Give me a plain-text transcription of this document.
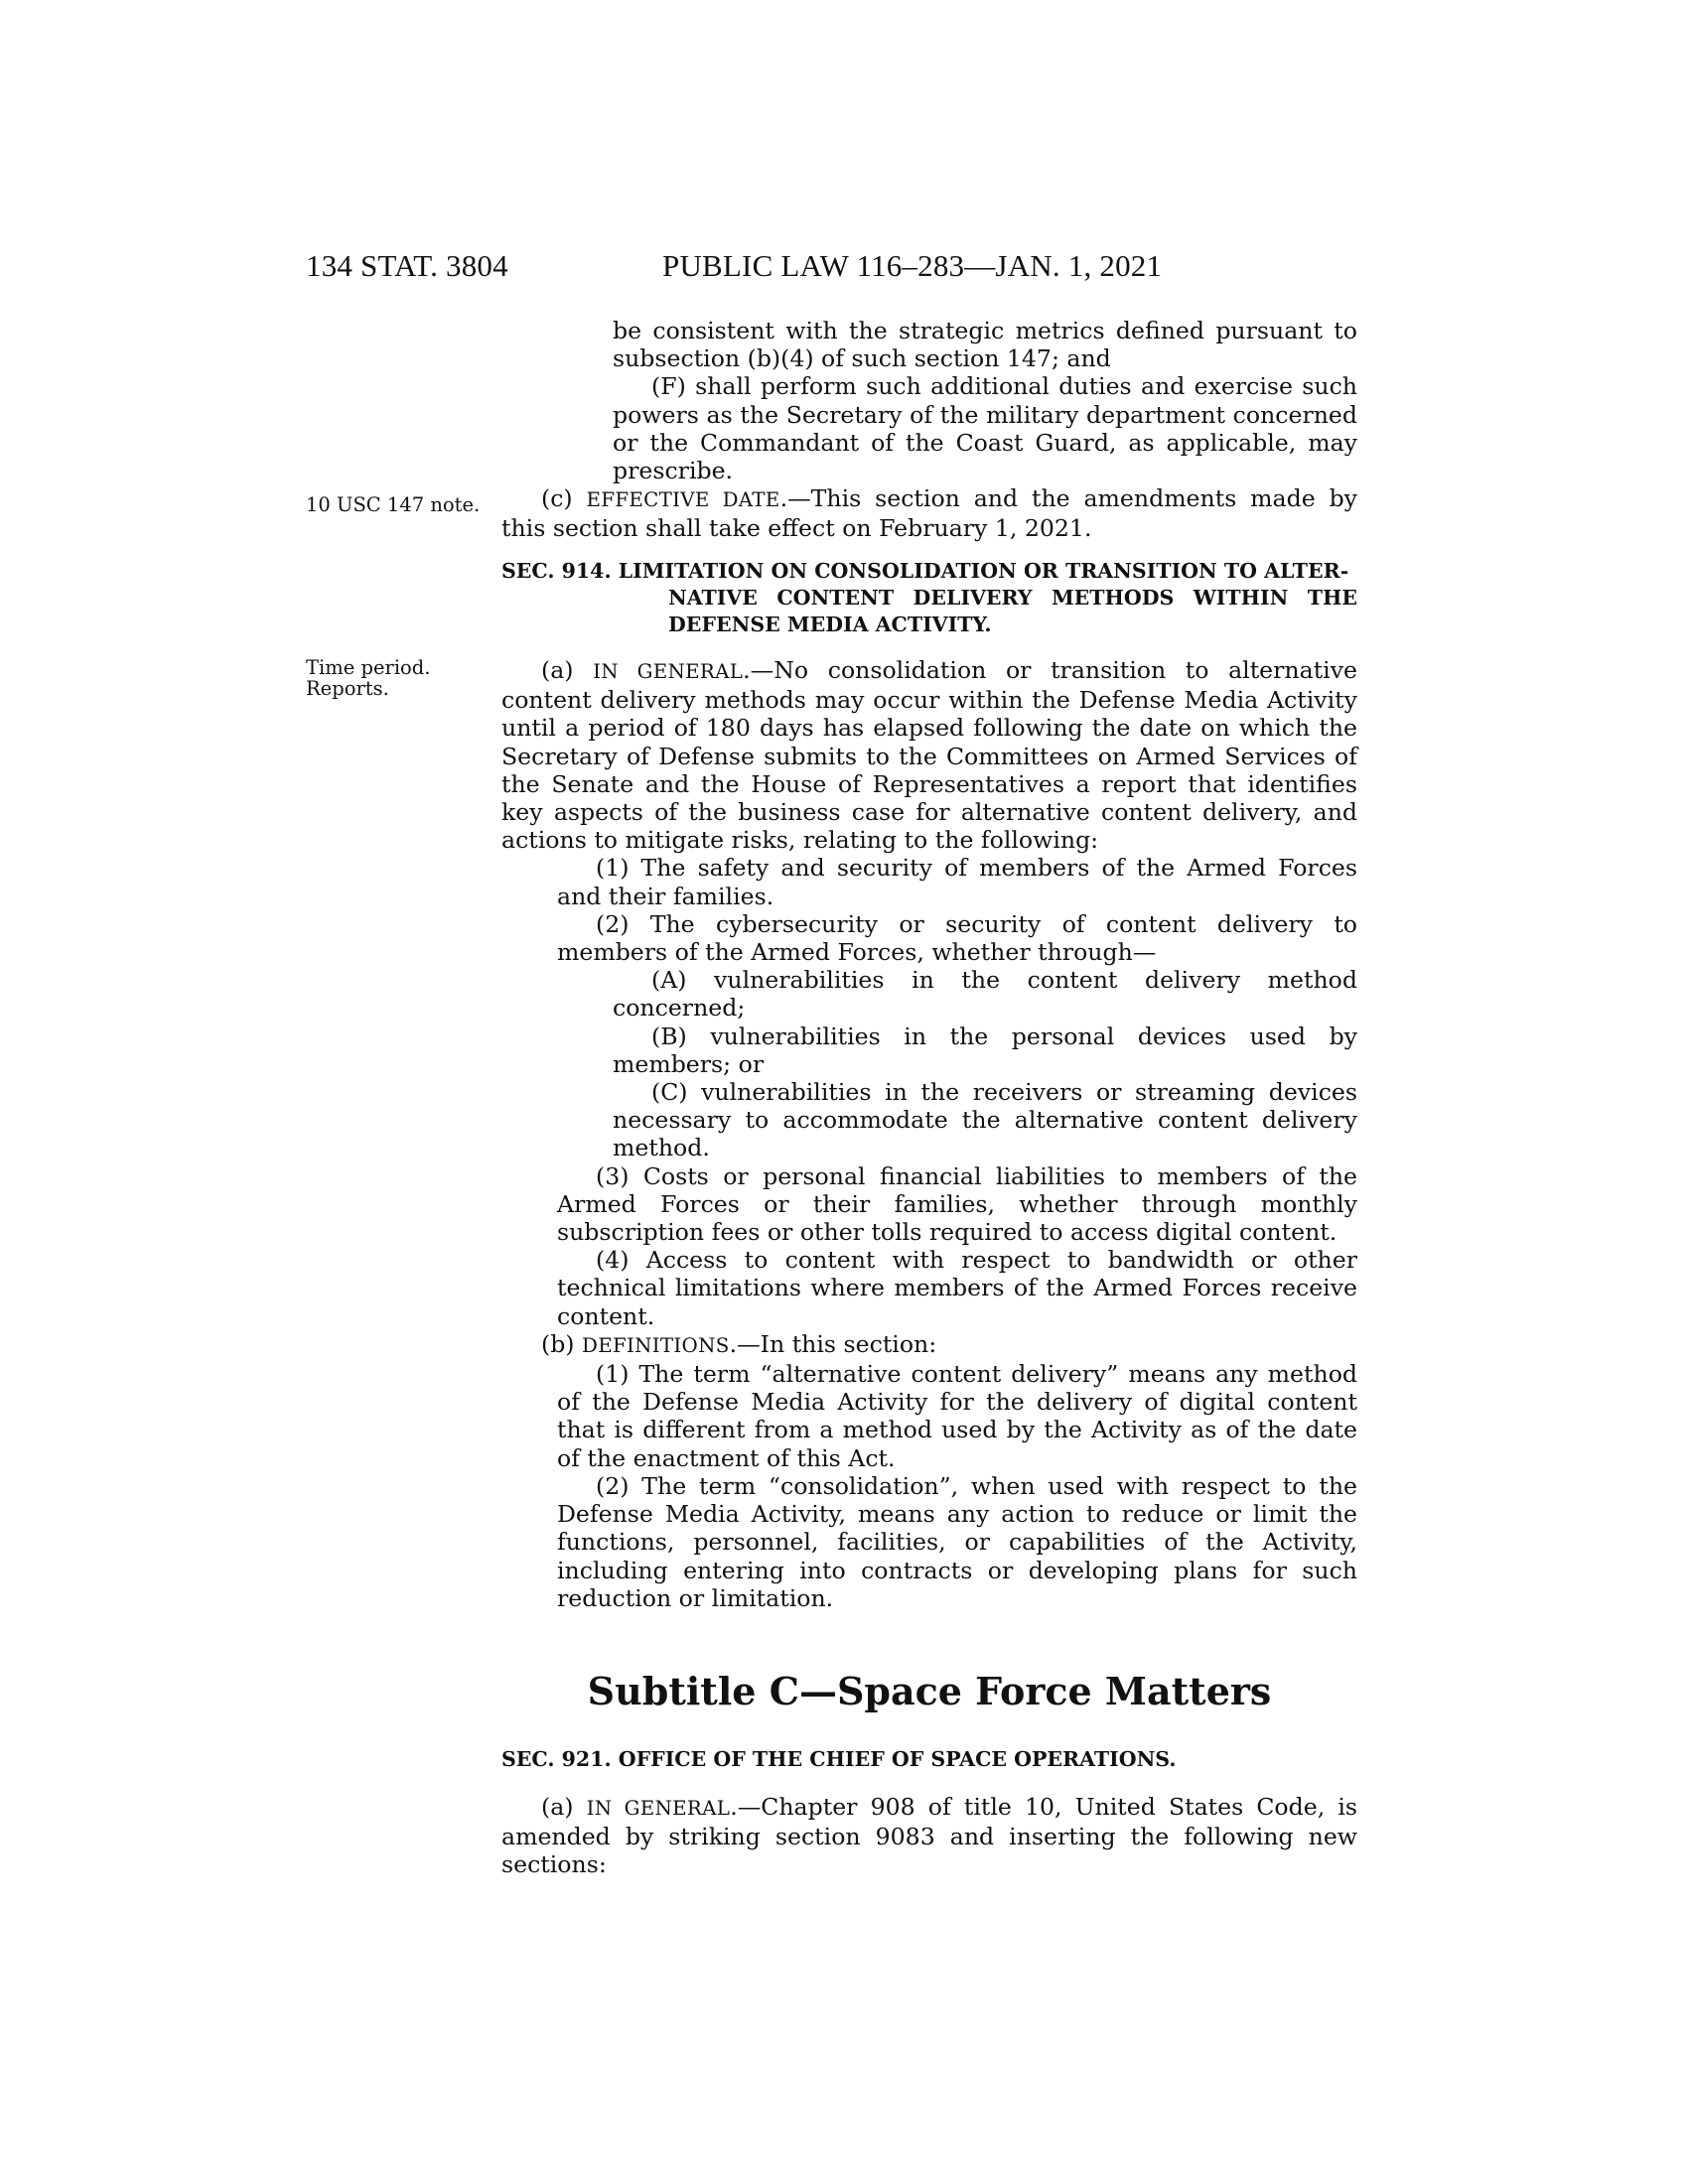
134 STAT. 3804	PUBLIC LAW 116–283—JAN. 1, 2021
10 USC 147 note.
Time period.
Reports.

be consistent with the strategic metrics defined pursuant to subsection (b)(4) of such section 147; and

(F) shall perform such additional duties and exercise such powers as the Secretary of the military department concerned or the Commandant of the Coast Guard, as applicable, may prescribe.

(c) EFFECTIVE DATE.—This section and the amendments made by this section shall take effect on February 1, 2021.

SEC. 914. LIMITATION ON CONSOLIDATION OR TRANSITION TO ALTER-
NATIVE CONTENT DELIVERY METHODS WITHIN THE DEFENSE MEDIA ACTIVITY.

(a) IN GENERAL.—No consolidation or transition to alternative content delivery methods may occur within the Defense Media Activity until a period of 180 days has elapsed following the date on which the Secretary of Defense submits to the Committees on Armed Services of the Senate and the House of Representatives a report that identifies key aspects of the business case for alternative content delivery, and actions to mitigate risks, relating to the following:

(1) The safety and security of members of the Armed Forces and their families.

(2) The cybersecurity or security of content delivery to members of the Armed Forces, whether through—

(A) vulnerabilities in the content delivery method concerned;

(B) vulnerabilities in the personal devices used by members; or

(C) vulnerabilities in the receivers or streaming devices necessary to accommodate the alternative content delivery method.

(3) Costs or personal financial liabilities to members of the Armed Forces or their families, whether through monthly subscription fees or other tolls required to access digital content.

(4) Access to content with respect to bandwidth or other technical limitations where members of the Armed Forces receive content.

(b) DEFINITIONS.—In this section:

(1) The term “alternative content delivery” means any method of the Defense Media Activity for the delivery of digital content that is different from a method used by the Activity as of the date of the enactment of this Act.

(2) The term “consolidation”, when used with respect to the Defense Media Activity, means any action to reduce or limit the functions, personnel, facilities, or capabilities of the Activity, including entering into contracts or developing plans for such reduction or limitation.

Subtitle C—Space Force Matters
SEC. 921. OFFICE OF THE CHIEF OF SPACE OPERATIONS.

(a) IN GENERAL.—Chapter 908 of title 10, United States Code, is amended by striking section 9083 and inserting the following new sections:
